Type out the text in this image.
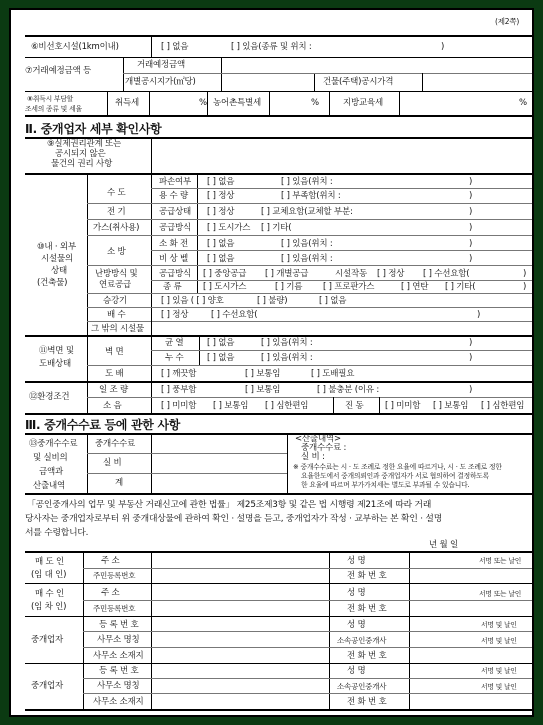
(제2쪽)
⑥비선호시설(1km이내)	[ ] 없음	[ ] 있음(종류 및 위치 :	)
⑦거래예정금액 등
거래예정금액
개별공시지가(㎡당)	건물(주택)공시가격
⑧취득시 부담할
조세의 종류 및 세율
취득세	% 농어촌특별세	%	지방교육세	%
Ⅱ. 중개업자 세부 확인사항
⑨실제권리관계 또는
공시되지 않은
물건의 권리 사항
⑩내 · 외부
시설물의
상태
(건축물)
수 도
파손여부 [ ] 없음	[ ] 있음(위치 :	)
용 수 량 [ ] 정상	[ ] 부족함(위치 :	)
전 기	공급상태 [ ] 정상	[ ] 교체요함(교체할 부분:	)
가스(취사용) 공급방식 [ ] 도시가스 [ ] 기타(	)
소 방
소 화 전 [ ] 없음	[ ] 있음(위치 :	)
비 상 벨 [ ] 없음	[ ] 있음(위치 :	)
난방방식 및
연료공급
공급방식 [ ] 중앙공급 [ ] 개별공급	시설작동 [ ] 정상 [ ] 수선요함(	)
종 류	[ ] 도시가스	[ ] 기름 [ ] 프로판가스	[ ] 연탄 [ ] 기타(	)
승강기	[ ] 있음 ( [ ] 양호	[ ] 불량)	[ ] 없음
배 수	[ ] 정상	[ ] 수선요함(	)
그 밖의 시설물
⑪벽면 및
도배상태
벽 면
균 열	[ ] 없음	[ ] 있음(위치 :	)
누 수	[ ] 없음	[ ] 있음(위치 :	)
도 배	[ ] 깨끗함	[ ] 보통임	[ ] 도배필요
⑫환경조건
일 조 량	[ ] 풍부함	[ ] 보통임	[ ] 불충분 (이유 :	)
소 음	[ ] 미미함 [ ] 보통임 [ ] 심한편임	진 동	[ ] 미미함 [ ] 보통임 [ ] 심한편임
Ⅲ. 중개수수료 등에 관한 사항
⑬중개수수료
및 실비의
금액과
산출내역
중개수수료
실 비
계
<산출내역>
중개수수료 :
실 비 :
※ 중개수수료는 시 · 도 조례로 정한 요율에 따르거나, 시 · 도 조례로 정한
요율한도에서 중개의뢰인과 중개업자가 서로 협의하여 결정하도록
한 요율에 따르며 부가가치세는 별도로 부과될 수 있습니다.
「공인중개사의 업무 및 부동산 거래신고에 관한 법률」 제25조제3항 및 같은 법 시행령 제21조에 따라 거래
당사자는 중개업자로부터 위 중개대상물에 관하여 확인 · 설명을 듣고, 중개업자가 작성 · 교부하는 본 확인 · 설명
서를 수령합니다.
년 월 일
매 도 인
(임 대 인)
주 소	성 명	서명 또는 날인
주민등록번호	전 화 번 호
매 수 인
(임 차 인)
주 소	성 명	서명 또는 날인
주민등록번호	전 화 번 호
중개업자
등 록 번 호	성 명	서명 및 날인
사무소 명칭	소속공인중개사	서명 및 날인
사무소 소재지	전 화 번 호
중개업자
등 록 번 호	성 명	서명 및 날인
사무소 명칭	소속공인중개사	서명 및 날인
사무소 소재지	전 화 번 호
